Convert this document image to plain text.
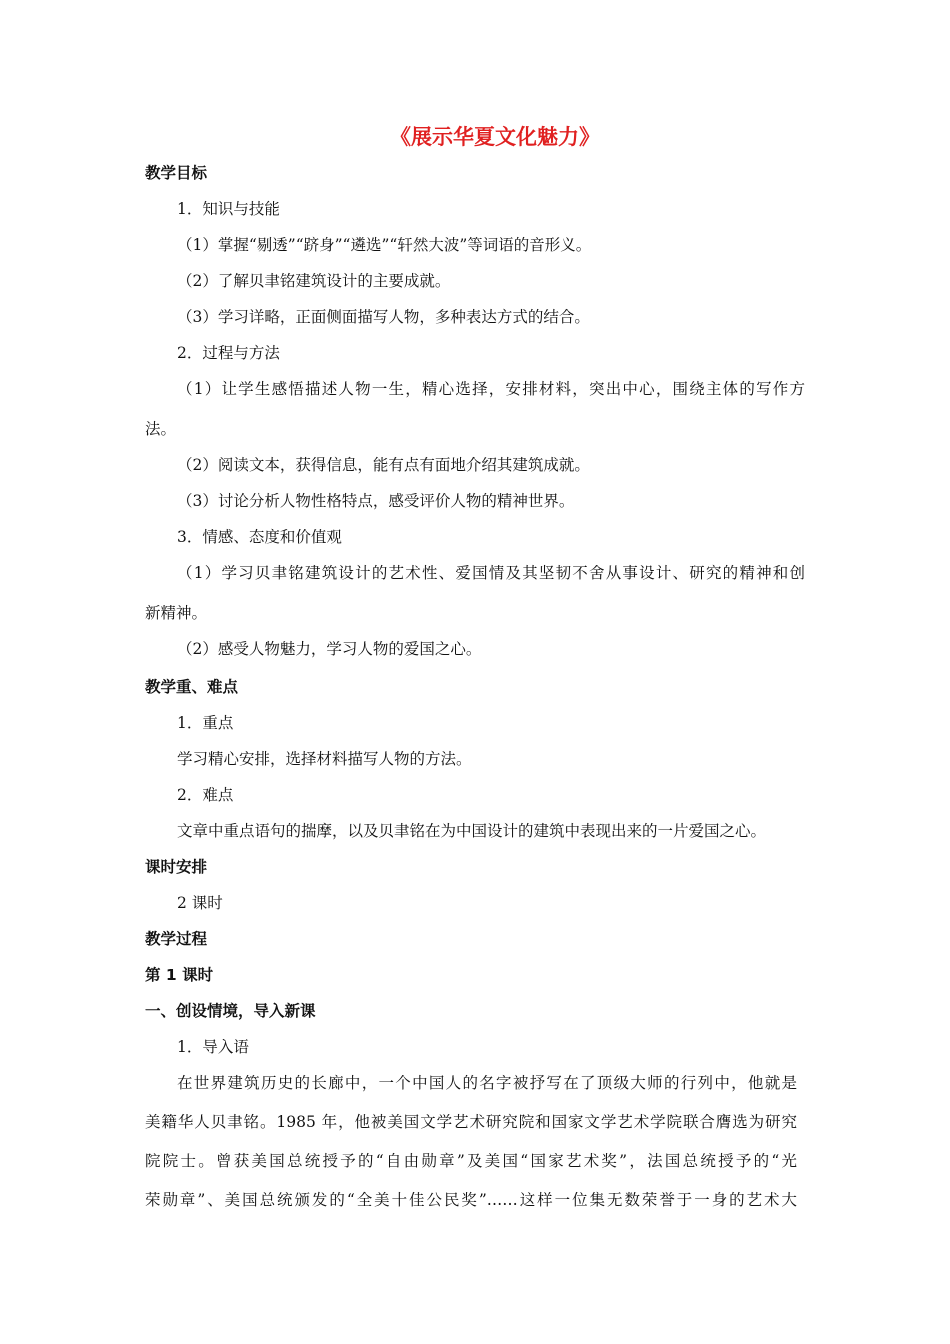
《展示华夏文化魅力》
教学目标
1．知识与技能
（1）掌握“剔透”“跻身”“遴选”“轩然大波”等词语的音形义。
（2）了解贝聿铭建筑设计的主要成就。
（3）学习详略，正面侧面描写人物，多种表达方式的结合。
2．过程与方法
（1）让学生感悟描述人物一生，精心选择，安排材料，突出中心，围绕主体的写作方
法。
（2）阅读文本，获得信息，能有点有面地介绍其建筑成就。
（3）讨论分析人物性格特点，感受评价人物的精神世界。
3．情感、态度和价值观
（1）学习贝聿铭建筑设计的艺术性、爱国情及其坚韧不舍从事设计、研究的精神和创
新精神。
（2）感受人物魅力，学习人物的爱国之心。
教学重、难点
1．重点
学习精心安排，选择材料描写人物的方法。
2．难点
文章中重点语句的揣摩，以及贝聿铭在为中国设计的建筑中表现出来的一片爱国之心。
课时安排
2 课时
教学过程
第 1 课时
一、创设情境，导入新课
1．导入语
在世界建筑历史的长廊中，一个中国人的名字被抒写在了顶级大师的行列中，他就是
美籍华人贝聿铭。1985 年，他被美国文学艺术研究院和国家文学艺术学院联合膺选为研究
院院士。曾获美国总统授予的“自由勋章”及美国“国家艺术奖”，法国总统授予的“光
荣勋章”、美国总统颁发的“全美十佳公民奖”……这样一位集无数荣誉于一身的艺术大
